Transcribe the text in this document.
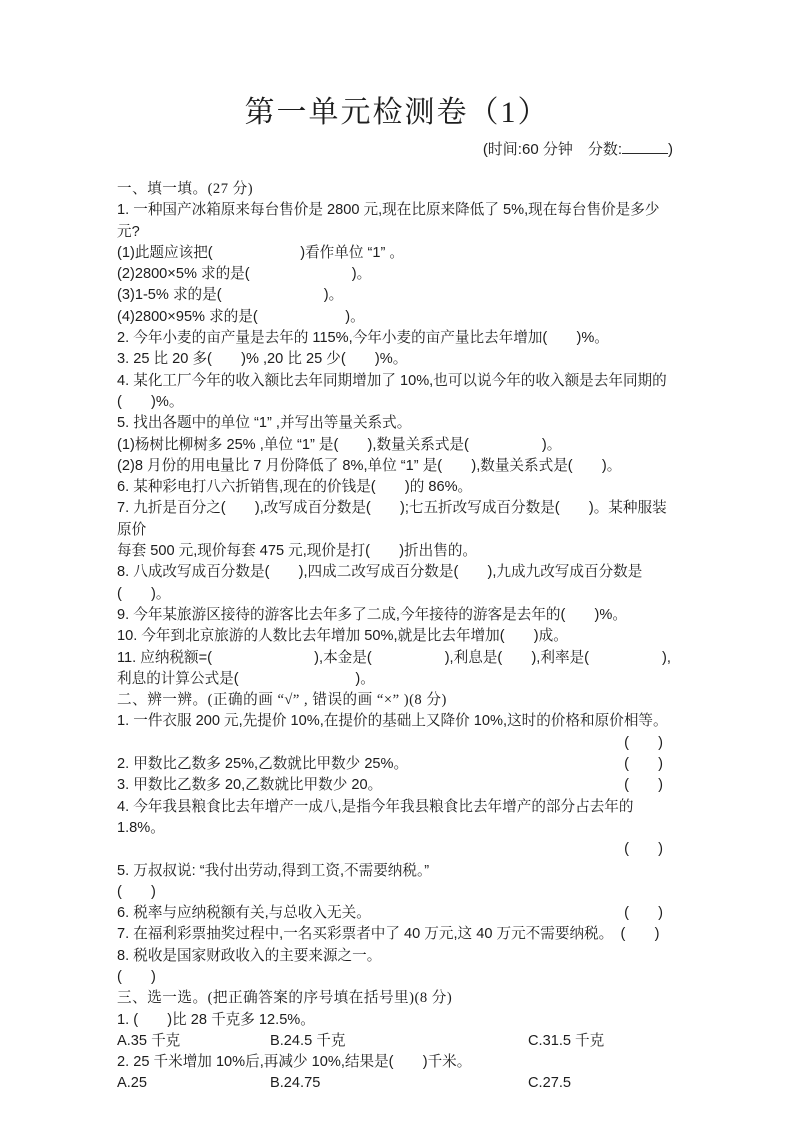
第一单元检测卷（1）
(时间:60 分钟　分数:	)
一、填一填。(27 分)
1. 一种国产冰箱原来每台售价是 2800 元,现在比原来降低了 5%,现在每台售价是多少元?
(1)此题应该把(　　　　　　)看作单位 “1” 。
(2)2800×5% 求的是(　　　　　　　)。
(3)1-5% 求的是(　　　　　　　)。
(4)2800×95% 求的是(　　　　　　)。
2. 今年小麦的亩产量是去年的 115%,今年小麦的亩产量比去年增加(　　)%。
3. 25 比 20 多(　　)% ,20 比 25 少(　　)%。
4. 某化工厂今年的收入额比去年同期增加了 10%,也可以说今年的收入额是去年同期的
(　　)%。
5. 找出各题中的单位 “1” ,并写出等量关系式。
(1)杨树比柳树多 25% ,单位 “1” 是(　　),数量关系式是(　　　　　)。
(2)8 月份的用电量比 7 月份降低了 8%,单位 “1” 是(　　),数量关系式是(　　)。
6. 某种彩电打八六折销售,现在的价钱是(　　)的 86%。
7. 九折是百分之(　　),改写成百分数是(　　);七五折改写成百分数是(　　)。某种服装原价
每套 500 元,现价每套 475 元,现价是打(　　)折出售的。
8. 八成改写成百分数是(　　),四成二改写成百分数是(　　),九成九改写成百分数是(　　)。
9. 今年某旅游区接待的游客比去年多了二成,今年接待的游客是去年的(　　)%。
10. 今年到北京旅游的人数比去年增加 50%,就是比去年增加(　　)成。
11. 应纳税额=(　　　　　　　),本金是(　　　　　),利息是(　　),利率是(　　　　　),
利息的计算公式是(　　　　　　　　)。
二、辨一辨。(正确的画 “√” , 错误的画 “×” )(8 分)
1. 一件衣服 200 元,先提价 10%,在提价的基础上又降价 10%,这时的价格和原价相等。
(　　)
2. 甲数比乙数多 25%,乙数就比甲数少 25%。	(　　)
3. 甲数比乙数多 20,乙数就比甲数少 20。	(　　)
4. 今年我县粮食比去年增产一成八,是指今年我县粮食比去年增产的部分占去年的 1.8%。
(　　)
5. 万叔叔说: “我付出劳动,得到工资,不需要纳税。”
(　　)
6. 税率与应纳税额有关,与总收入无关。	(　　)
7. 在福利彩票抽奖过程中,一名买彩票者中了 40 万元,这 40 万元不需要纳税。　(　　)
8. 税收是国家财政收入的主要来源之一。
(　　)
三、选一选。(把正确答案的序号填在括号里)(8 分)
1. (　　)比 28 千克多 12.5%。
A.35 千克	B.24.5 千克	C.31.5 千克
2. 25 千米增加 10%后,再减少 10%,结果是(　　)千米。
A.25	B.24.75	C.27.5
